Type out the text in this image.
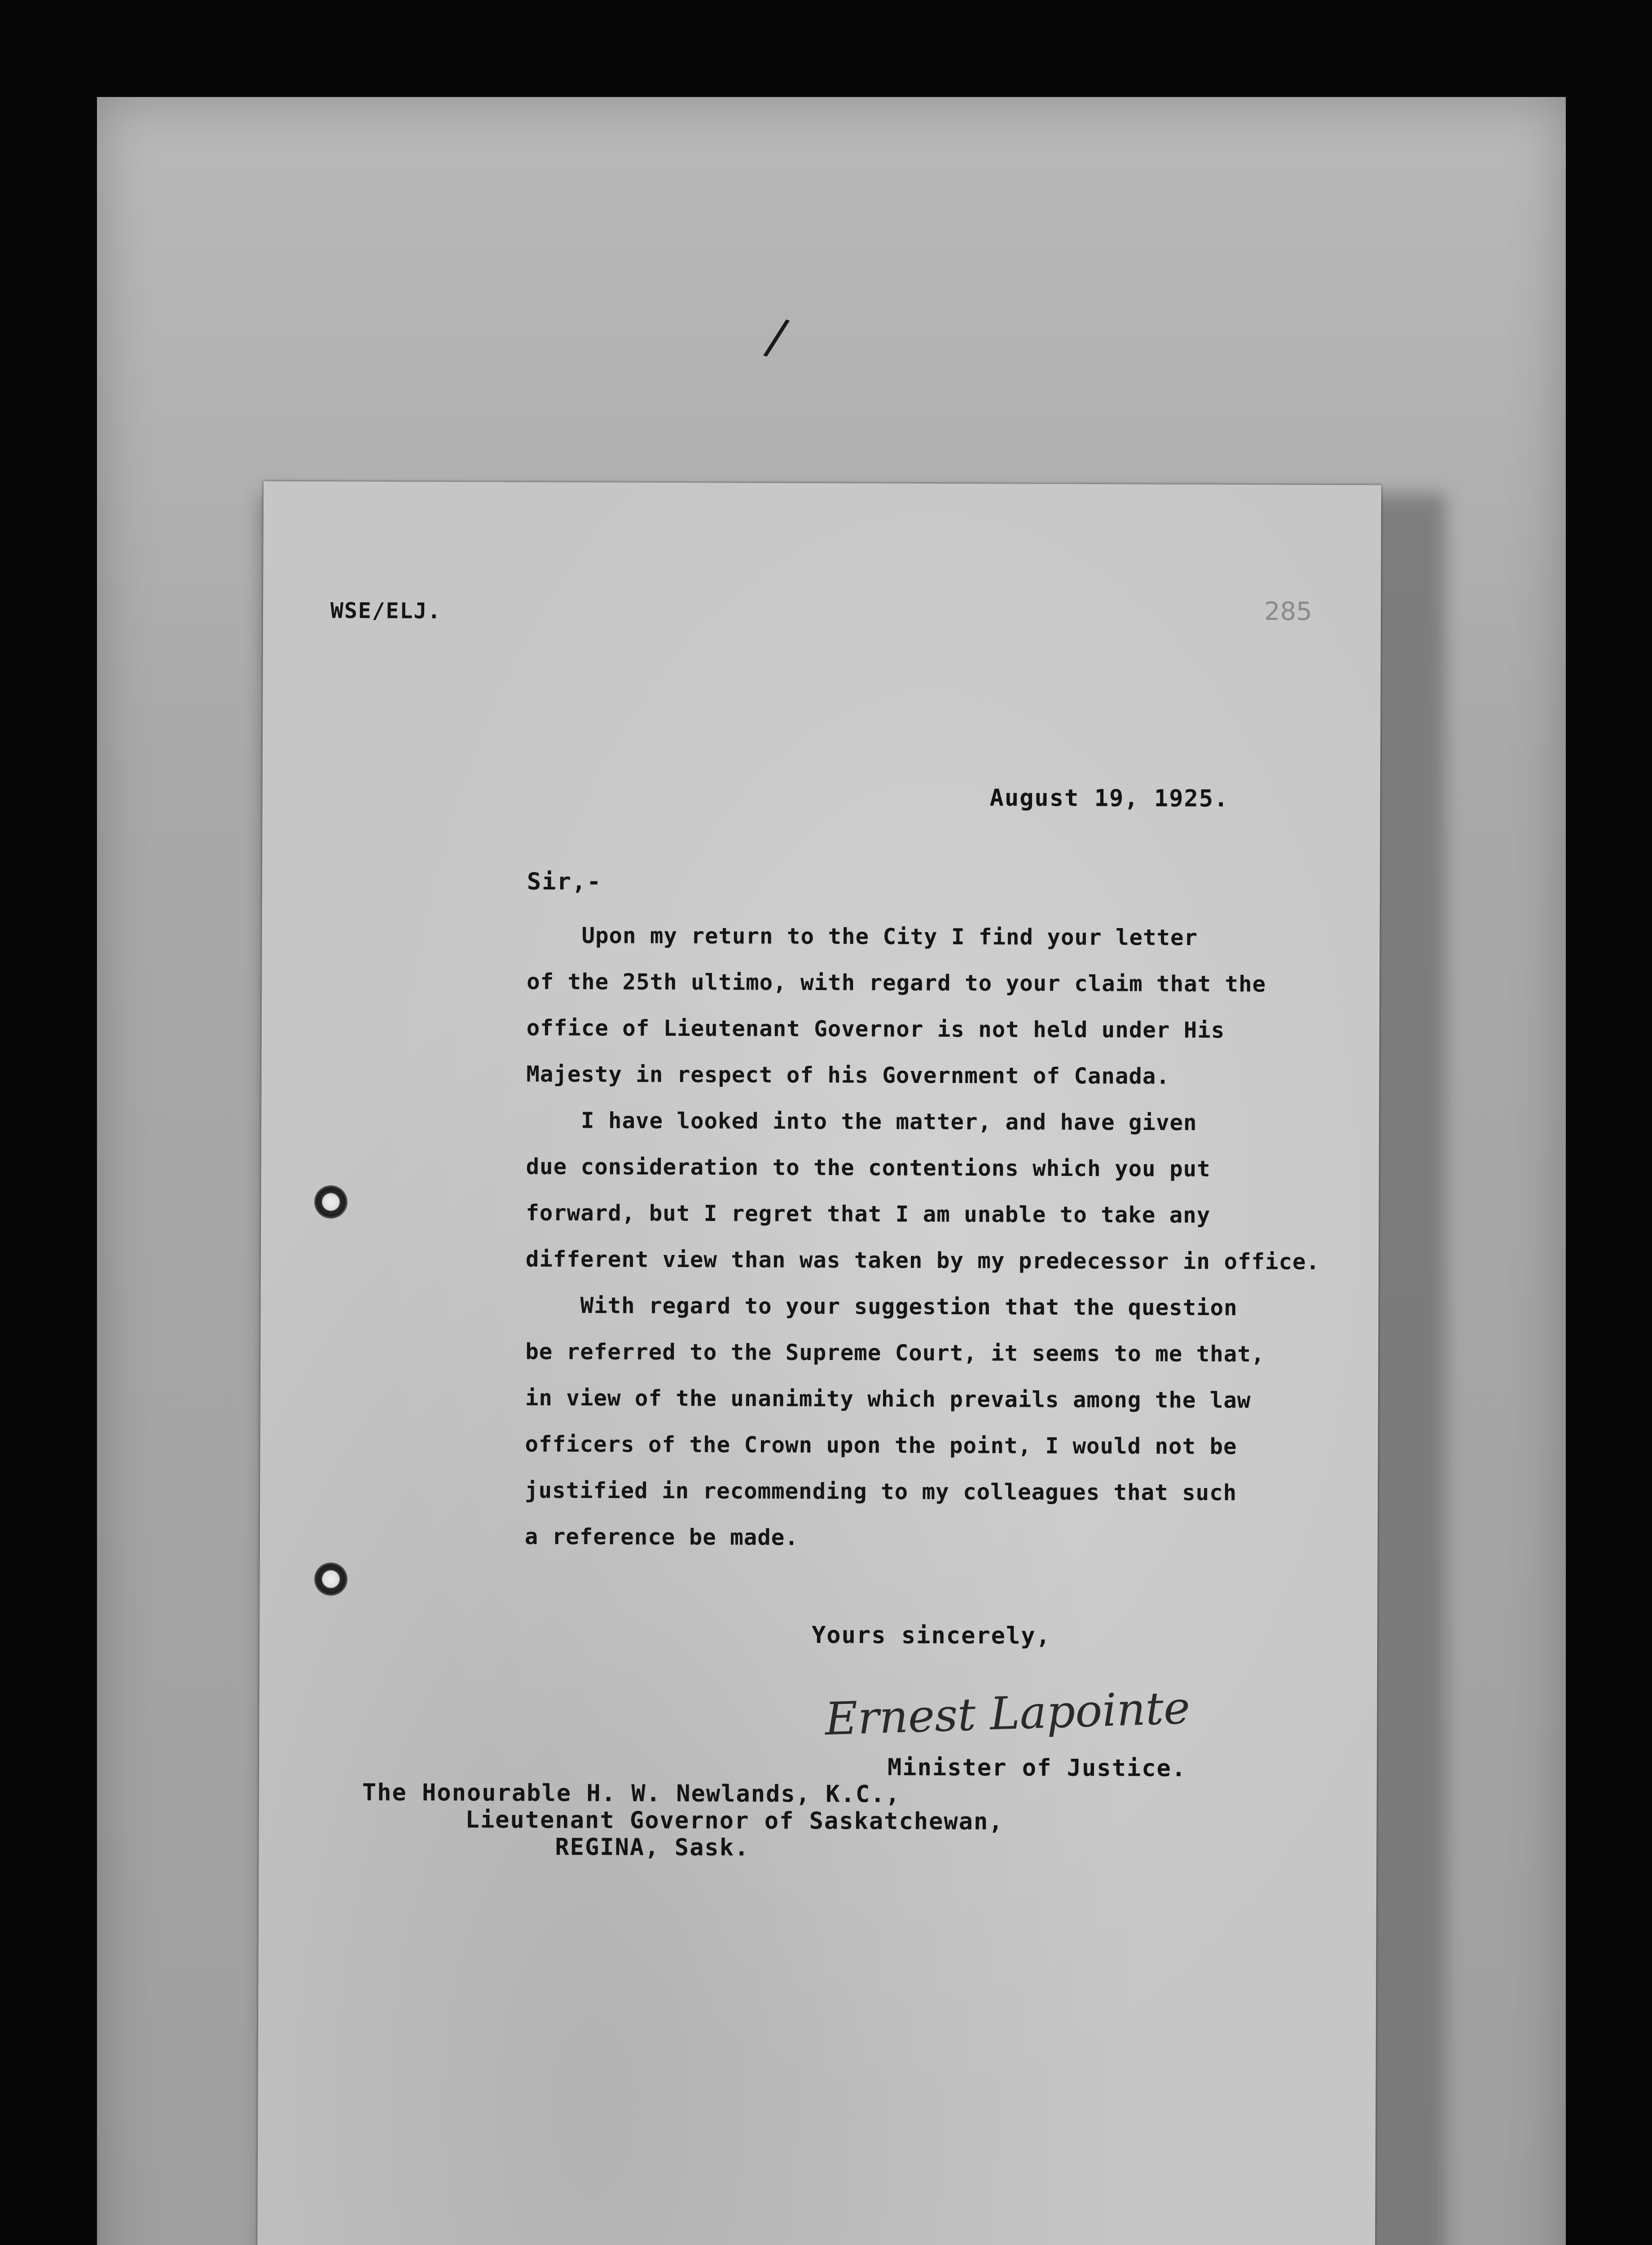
/
WSE/ELJ.	285
August 19, 1925.
Sir,-
Upon my return to the City I find your letter
of the 25th ultimo, with regard to your claim that the
office of Lieutenant Governor is not held under His
Majesty in respect of his Government of Canada.
I have looked into the matter, and have given
due consideration to the contentions which you put
forward, but I regret that I am unable to take any
different view than was taken by my predecessor in office.
With regard to your suggestion that the question
be referred to the Supreme Court, it seems to me that,
in view of the unanimity which prevails among the law
officers of the Crown upon the point, I would not be
justified in recommending to my colleagues that such
a reference be made.
Yours sincerely,
Ernest Lapointe
Minister of Justice.
The Honourable H. W. Newlands, K.C.,
Lieutenant Governor of Saskatchewan,
REGINA, Sask.
